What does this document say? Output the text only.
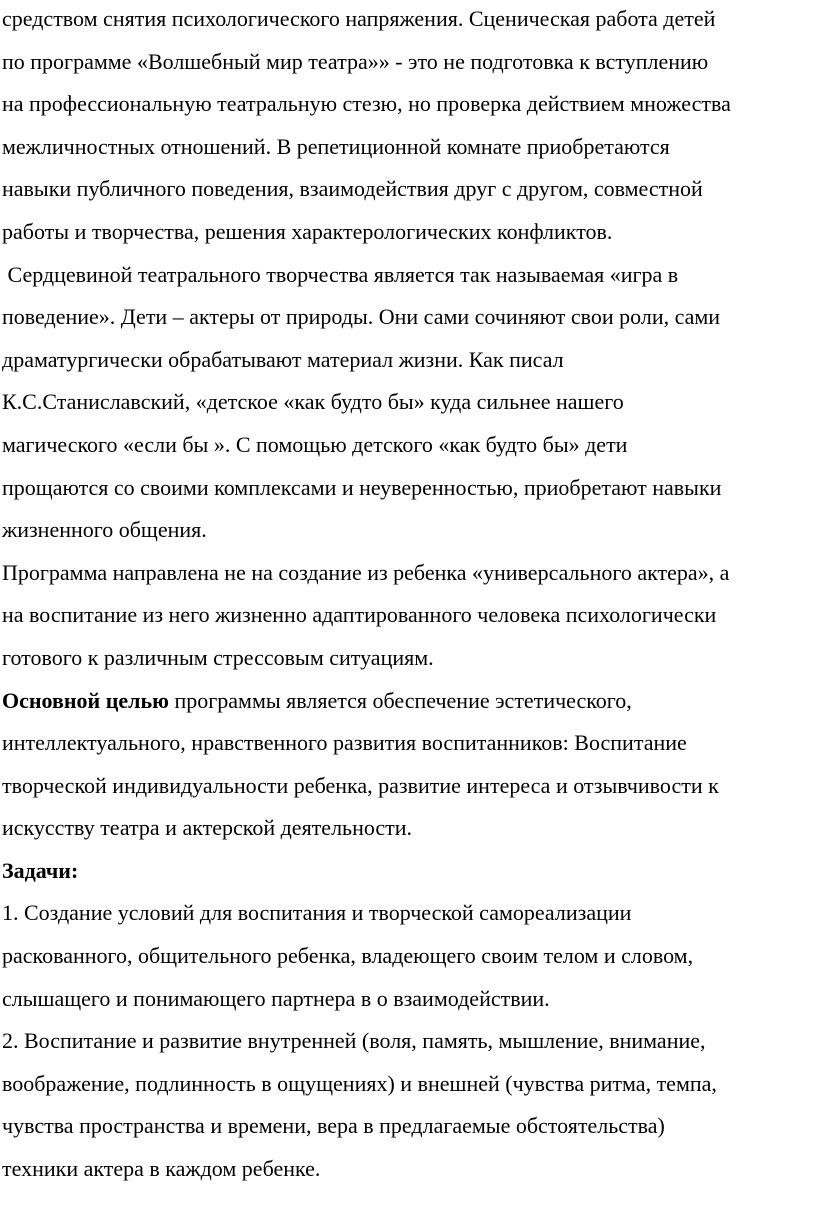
средством снятия психологического напряжения. Сценическая работа детей
по программе «Волшебный мир театра»» - это не подготовка к вступлению
на профессиональную театральную стезю, но проверка действием множества
межличностных отношений. В репетиционной комнате приобретаются
навыки публичного поведения, взаимодействия друг с другом, совместной
работы и творчества, решения характерологических конфликтов.
Сердцевиной театрального творчества является так называемая «игра в
поведение». Дети – актеры от природы. Они сами сочиняют свои роли, сами
драматургически обрабатывают материал жизни. Как писал
К.С.Станиславский, «детское «как будто бы» куда сильнее нашего
магического «если бы ». С помощью детского «как будто бы» дети
прощаются со своими комплексами и неуверенностью, приобретают навыки
жизненного общения.
Программа направлена не на создание из ребенка «универсального актера», а
на воспитание из него жизненно адаптированного человека психологически
готового к различным стрессовым ситуациям.
Основной целью программы является обеспечение эстетического,
интеллектуального, нравственного развития воспитанников: Воспитание
творческой индивидуальности ребенка, развитие интереса и отзывчивости к
искусству театра и актерской деятельности.
Задачи:
1. Создание условий для воспитания и творческой самореализации
раскованного, общительного ребенка, владеющего своим телом и словом,
слышащего и понимающего партнера в о взаимодействии.
2. Воспитание и развитие внутренней (воля, память, мышление, внимание,
воображение, подлинность в ощущениях) и внешней (чувства ритма, темпа,
чувства пространства и времени, вера в предлагаемые обстоятельства)
техники актера в каждом ребенке.
